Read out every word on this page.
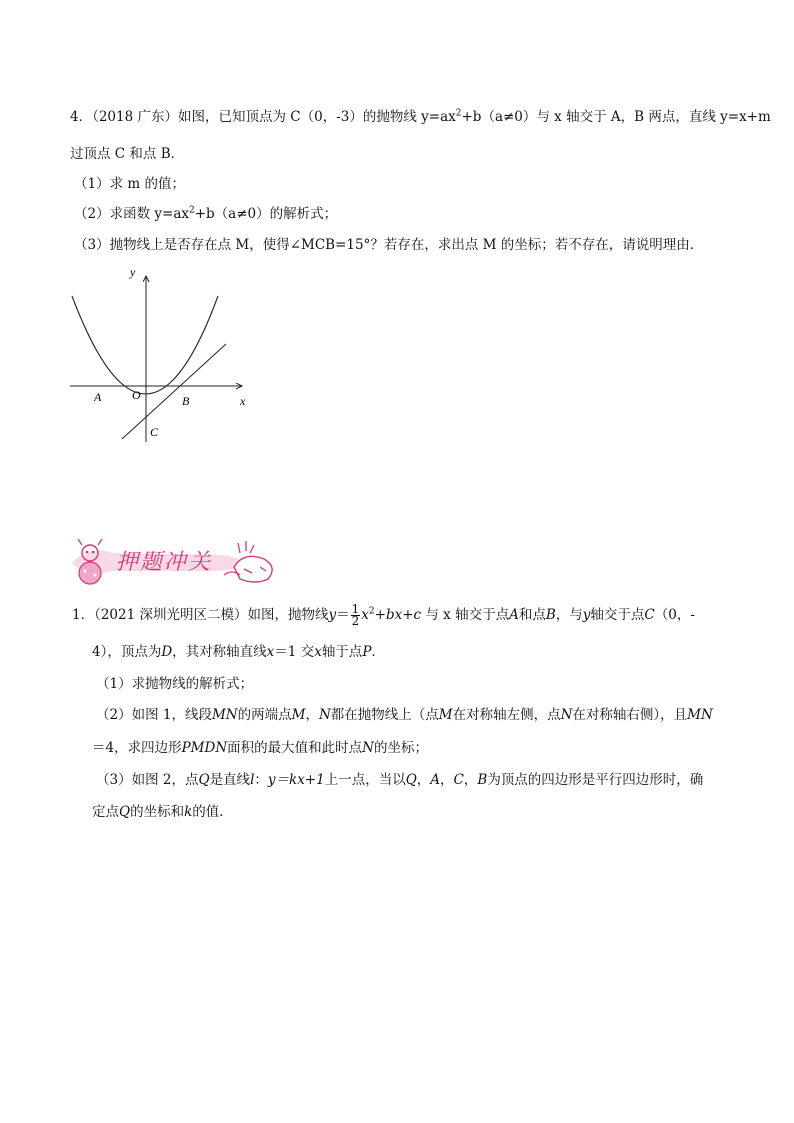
4．（2018 广东）如图，已知顶点为 C（0，-3）的抛物线 $y=ax^2+b(a\ne 0)$与 x 轴交于 A，B 两点，直线 y=x+m
过顶点 C 和点 B．
（1）求 m 的值；
（2）求函数 $y=ax^2+b(a\ne 0)$的解析式；
（3）抛物线上是否存在点 M，使得∠MCB=15°？若存在，求出点 M 的坐标；若不存在，请说明理由．
y
x
A	O	B
C
押题冲关
1．（2021 深圳光明区二模）如图，抛物线$y= \frac{1}{2} x^2+bx+c$ 与 x 轴交于点A和点B，与y轴交于点C（0，-
4），顶点为D，其对称轴直线x＝1 交x轴于点P．
（1）求抛物线的解析式；
（2）如图 1，线段MN的两端点M，N都在抛物线上（点M在对称轴左侧，点N在对称轴右侧），且MN
＝4，求四边形PMDN面积的最大值和此时点N的坐标；
（3）如图 2，点Q是直线l：y＝kx+1上一点，当以Q，A，C，B为顶点的四边形是平行四边形时，确
定点Q的坐标和k的值．
